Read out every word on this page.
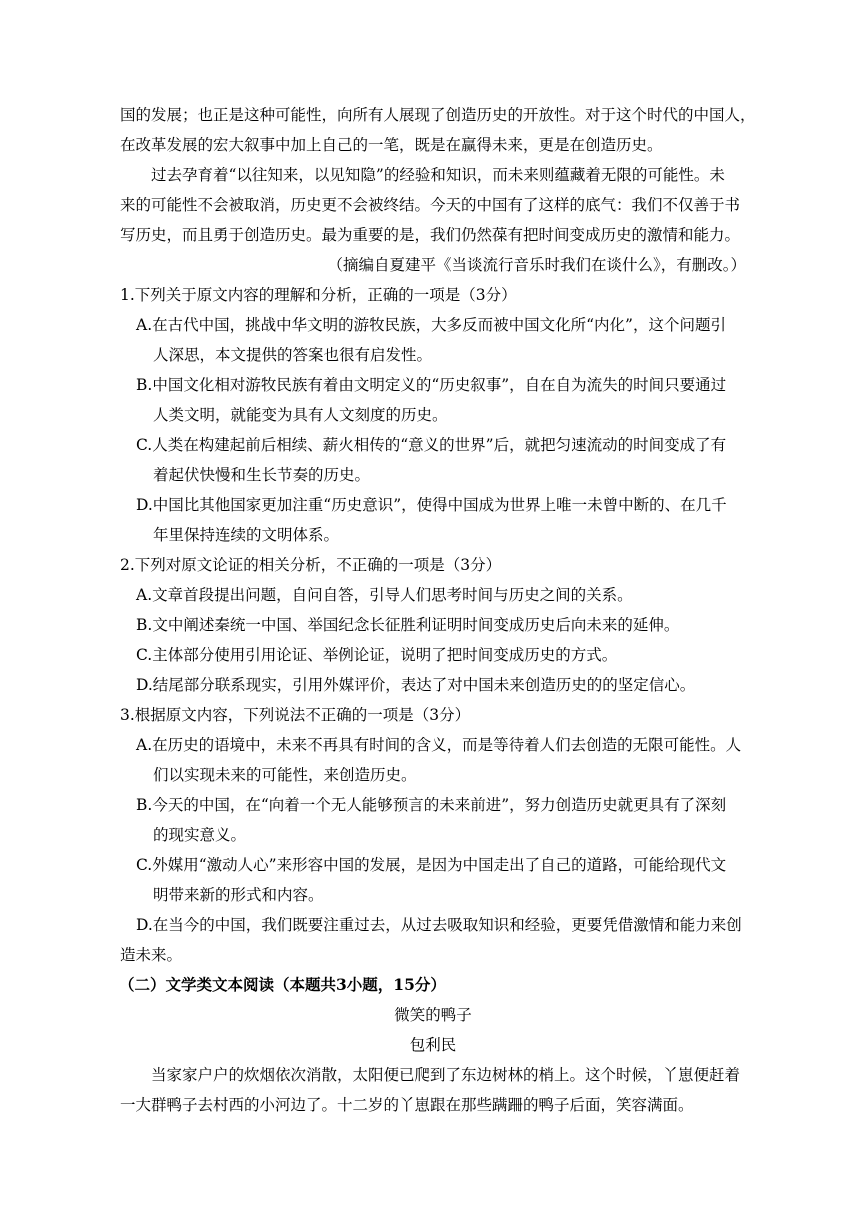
国的发展；也正是这种可能性，向所有人展现了创造历史的开放性。对于这个时代的中国人，
在改革发展的宏大叙事中加上自己的一笔，既是在赢得未来，更是在创造历史。
过去孕育着“以往知来，以见知隐”的经验和知识，而未来则蕴藏着无限的可能性。未
来的可能性不会被取消，历史更不会被终结。今天的中国有了这样的底气：我们不仅善于书
写历史，而且勇于创造历史。最为重要的是，我们仍然葆有把时间变成历史的激情和能力。
（摘编自夏建平《当谈流行音乐时我们在谈什么》，有删改。）
1.下列关于原文内容的理解和分析，正确的一项是（3分）
A.在古代中国，挑战中华文明的游牧民族，大多反而被中国文化所“内化”，这个问题引
人深思，本文提供的答案也很有启发性。
B.中国文化相对游牧民族有着由文明定义的“历史叙事”，自在自为流失的时间只要通过
人类文明，就能变为具有人文刻度的历史。
C.人类在构建起前后相续、薪火相传的“意义的世界”后，就把匀速流动的时间变成了有
着起伏快慢和生长节奏的历史。
D.中国比其他国家更加注重“历史意识”，使得中国成为世界上唯一未曾中断的、在几千
年里保持连续的文明体系。
2.下列对原文论证的相关分析，不正确的一项是（3分）
A.文章首段提出问题，自问自答，引导人们思考时间与历史之间的关系。
B.文中阐述秦统一中国、举国纪念长征胜利证明时间变成历史后向未来的延伸。
C.主体部分使用引用论证、举例论证，说明了把时间变成历史的方式。
D.结尾部分联系现实，引用外媒评价，表达了对中国未来创造历史的的坚定信心。
3.根据原文内容，下列说法不正确的一项是（3分）
A.在历史的语境中，未来不再具有时间的含义，而是等待着人们去创造的无限可能性。人
们以实现未来的可能性，来创造历史。
B.今天的中国，在“向着一个无人能够预言的未来前进”，努力创造历史就更具有了深刻
的现实意义。
C.外媒用“激动人心”来形容中国的发展，是因为中国走出了自己的道路，可能给现代文
明带来新的形式和内容。
D.在当今的中国，我们既要注重过去，从过去吸取知识和经验，更要凭借激情和能力来创
造未来。
（二）文学类文本阅读（本题共3小题，15分）
微笑的鸭子
包利民
当家家户户的炊烟依次消散，太阳便已爬到了东边树林的梢上。这个时候，丫崽便赶着
一大群鸭子去村西的小河边了。十二岁的丫崽跟在那些蹒跚的鸭子后面，笑容满面。
